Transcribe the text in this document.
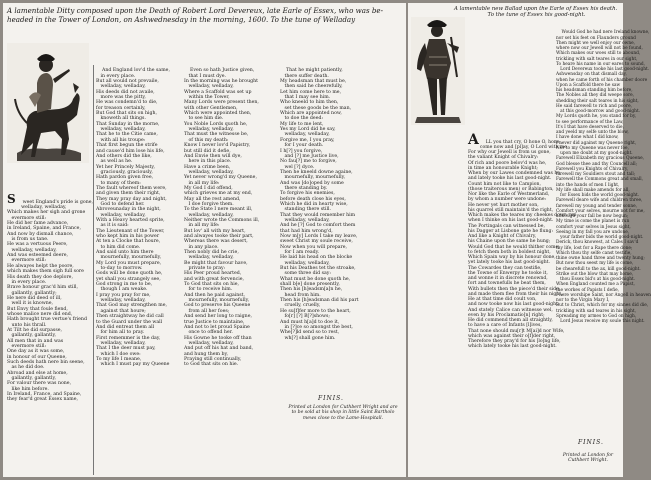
A lamentable Ditty composed upon the Death of Robert Lord Devereux, late Earle of Essex, who was be-headed in the Tower of London, on Ashwednesday in the morning, 1600. To the tune of Welladay

S weet England's pride is gone,
welladay, welladay,
Which makes her sigh and grone
evermore still:
He did her fame advance,
in Ireland, Spaine, and France,
And now by dismall chance,
is from us tane.
He was a vertuous Peere,
welladay, welladay,
And was esteemed deere,
evermore still:
He alwayes helpt the poore,
which makes them sigh full sore
His death they doe deplore,
in every place.
Brave honour grac'd him still,
gallantly, gallantly;
He nere did deed of ill,
well it is knowne,
But Envy that foule fiend,
whose malice nere did end,
Hath brought true vertue's friend
unto his thrall.
At Tilt he did surpasse,
gallantly, gallantly,
All men that in and was
evermore still:
One day as it was some,
in honour of our Queene,
Such deeds hath nere bin seene,
as he did doe.
Abroad and else at home,
gallantly, gallantly,
For valour there was none,
like him before.
In Ireland, France, and Spaine,
they fear'd great Essex name,

And England lov'd the same,
in every place.
But all would not prevaile,
welladay, welladay,
His deeds did not availe,
more was the pitty,
He was condemn'd to die,
for treason certainly,
But God that sits on high,
knoweth all things.
That Sunday in the morne,
welladay, welladay,
That he to the Citie came,
with all his troupe:
That first begun the strife
and cause'd him lose his life,
And others did the like,
as well as he.
Yet her Princely Majesty,
graciously, graciously,
Hath pardon given free,
to many of them:
The fault whereof them were,
and given them their right,
They may pray day and night,
God to defend her.
Abroveunaday in the night,
welladay, welladay,
With a Heavy hearted sprite,
as it is said:
The Lieutenant of the Tower,
who kept him in his power
At ten a Clocke that houre,
to him did come.
And said unto him there
mournefully, mournefully,
My Lord you must prepare,
to-day to morrow.
Gods will be done quoth he,
yet shall you strangely see,
God strong in me to be,
though I am weake.
I pray you pray for me,
welladay, welladay,
That God may strengthen me,
against that houre;
Then straightway he did call
to the Guard under the wall
And did entreat them all
for him all to pray.
First rememmer is the day,
welladay, welladay,
That I the deer must pay,
which I doe owe:
To my life I meane,
which I must pay my Queene

Even so hath Justice given,
that I must dye.
In the morning was he brought
welladay, welladay,
Where a Scaffold was set up
within the Tower,
Many Lords were present then,
with other Gentlemen,
Which were appointed then,
to see him die.
You Noble Lords quoth he,
welladay, welladay,
That must the witnesse be,
of this my death:
Know I never lov'd Papistry,
but still did it defie,
And Envie then will dye,
here in this place.
Have a crime been,
welladay, welladay,
Yet never wrong'd my Queene,
in all my life:
My God I did offend,
which grieves me at my end,
May all the rest amend,
I doe forgive them.
To the State I nere meant ill,
welladay, welladay,
Neither wrote the Commons ill,
in all my life:
But lov' all with my heart,
and alwayes tooke their part,
Whereas there was desert,
in any place.
Then nobly did he crie,
welladay, welladay,
Be might that favour have,
private to pray:
His Peer proud hearted,
and with great fervencie,
To God that sits on hie,
for to receive him.
And then he paid against,
mournefully, mournefully,
God to preserve his Queene
from all her foes;
And send her long to raigne,
true Justice to maintaine,
And not to let proud Spaine
once to offend her.
His Gowne he tooke off than
welladay, welladay,
And put off his hat and band,
and hung them by,
Praying still continually,
to God that sits on hie.

That he might patiently,
there suffer death.
My headsman that must be,
then said he cheerefully,
Let him come here to me,
that I may see him.
Who kneeld to him then,
set these goods be the man,
Which are appointed now,
to doe the deed:
My life to me lent,
Yes my Lord did he say,
welladay, welladay,
Forgive me, I you pray,
for I your death.
I h[?] you forgive,
and [?] me Justice live,
No fau[?] me to forgive,
wel [?] dyce.
Then he kneeld downe againe,
mournefully, mournefully,
And was [do]oped by some
there standing by.
To forgive his enemies,
before death close his eyes,
Which he did in hearty wise,
standing there still.
That they would remember him
welladay, welladay,
And he [?] God to comfort them
that had him wrong'd,
Now m[y] Lords I take my leave,
sweet Christ my soule receive,
Now when you will prepare,
for I am ready.
He laid his head on the blocke
welladay, welladay,
But his Deathes tet the stroake,
some three did say:
What must be done quoth he,
shall b[e] done presently,
Then his [h]eadsm[a]n he,
head from him.
Then his [h]eadsman did his part
cruelly, cruelly,
He su[f]fer more to the heart,
fo[r] [?] B[?]shows;
And must h[a]d to doe it,
in [?]ce so amongst the best,
Whe[?]ld send so to rest,
wh[?] shall gone him.

FINIS.
Printed at London for Cuthbert Wright and are to be sold at his shop in little Saint Bartholo mews close to the Lame-Hospitall.
A lamentable new Ballad upon the Earle of Essex his death.
To the tune of Essex his good-night.

A LL you that cry, O hone O, hone,
come now and [pl]ay, O Lord with me
For why our Jewell is from us gone,
the valiant Knight of Chivalry:
Of rich and poore belov'd was he,
in time an honourable Knight;
When by our Lawes condemned was he,
and lately tooke his last good-night.
Count him not like to Campion,
(those traiterous men) or Babington,
Nor like the Earle of Westmerland,
by whom a number were undone:
He never yet hurt mother son,
his quarrel still maintain'd the right,
Which makes the teares my cheekes down run
when I thinke on his last good-night.
The Portingals can witnessed be,
his Dagger at Lisbone gate he flung:
And like a Knight of Chivalry,
his Chaine upon the same he hung;
Would God that he would thither come,
to fetch them both in boldest night,
Which Spain way by his honour done,
yet lately tooke his last good-night.
The Cowardes they can testifie,
the Towne of Enwerpy he tooke it,
and wonne it in discrete renownd,
fort and townefulls he beat them,
With bullets then the piece'd their side,
and made them flee from their his night,
He at that time did coult von,
and now tooke now his last good-night.
And stately Calice can witnesse wel,
even by his Proclamatio[n] right;
He did commend them all straightly,
to have a care of Infants [l]ives,
That none should mu[r]t M[ai]d nor Wife,
which was against their o[f]der right,
Therefore they pray'd for his [lo]ng life,
which lately tooke his last good-night.

Would God he had nere Ireland knowne,
nor set his feet on Flaunders ground
Then might we well enjoy our owne,
where now our Jewell will not be found,
Which makes our woes still to abound,
trickling with salt teares in our sight,
To heare his name in our eares to sound,
Lord Devereux tooke his last good-night.
Ashwensday on that dismall day,
when he came forth of his chamber doore
Upon a Scaffold there he saw
his headsman standing him before,
The Nobles all they did weepe sore,
shedding their salt teares in his sight,
He said farewell to rich and poore,
at this good-morrow and good-night.
My Lords quoth he, you stand for by,
to see performance of the Law,
It's I that have deserved to die,
and yeeld my selfe unto the blow,
I have done what I did know,
I never did against my Queene right,
Nor to my Queene was never foe,
upon me doubt at my good-night.
Farewell Elizabeth my gracious Queene,
God blesse thee and thy Councell all;
Farewell you Knights of Chivalry,
farewell my Souldiers stout and tall;
Farewell the Commons great and small,
into the hands of men I light,
My life shall make amends for all,
for Essex bids the world good-night.
Farewell deare wife and children three,
farewell my young and tender sonne,
Comfort your selves, mourne not for me,
although your fall be now begun;
My time is come the planet is run
comfort your selves in Jesus sight,
Seeing in my fall you are undone,
your father bids the world good-night.
Derick, thou knowest, at Cales I sav'd
thy life, lost for a Rape there done;
Which thou thy selfe canst testifie,
thine owne hand three and twenty hung;
But now thou seest my life is come,
be chearefull to the ax, kill good-night.
Strike out the blow that may home,
thou Essex bid's at his good-night.
When England counted me a Papist,
the workes of Papists I defie,
I nere worshipe Saint, nor Angell in heaven
nor to the Virgin Mary I,
But to Christ, which for my sinnes did die,
trickling with sad teares in his sight,
Spreading my armes to God on high,
Lord Jesus receive my soule this night.

FINIS.
Printed at London for Cuthbert Wright.
